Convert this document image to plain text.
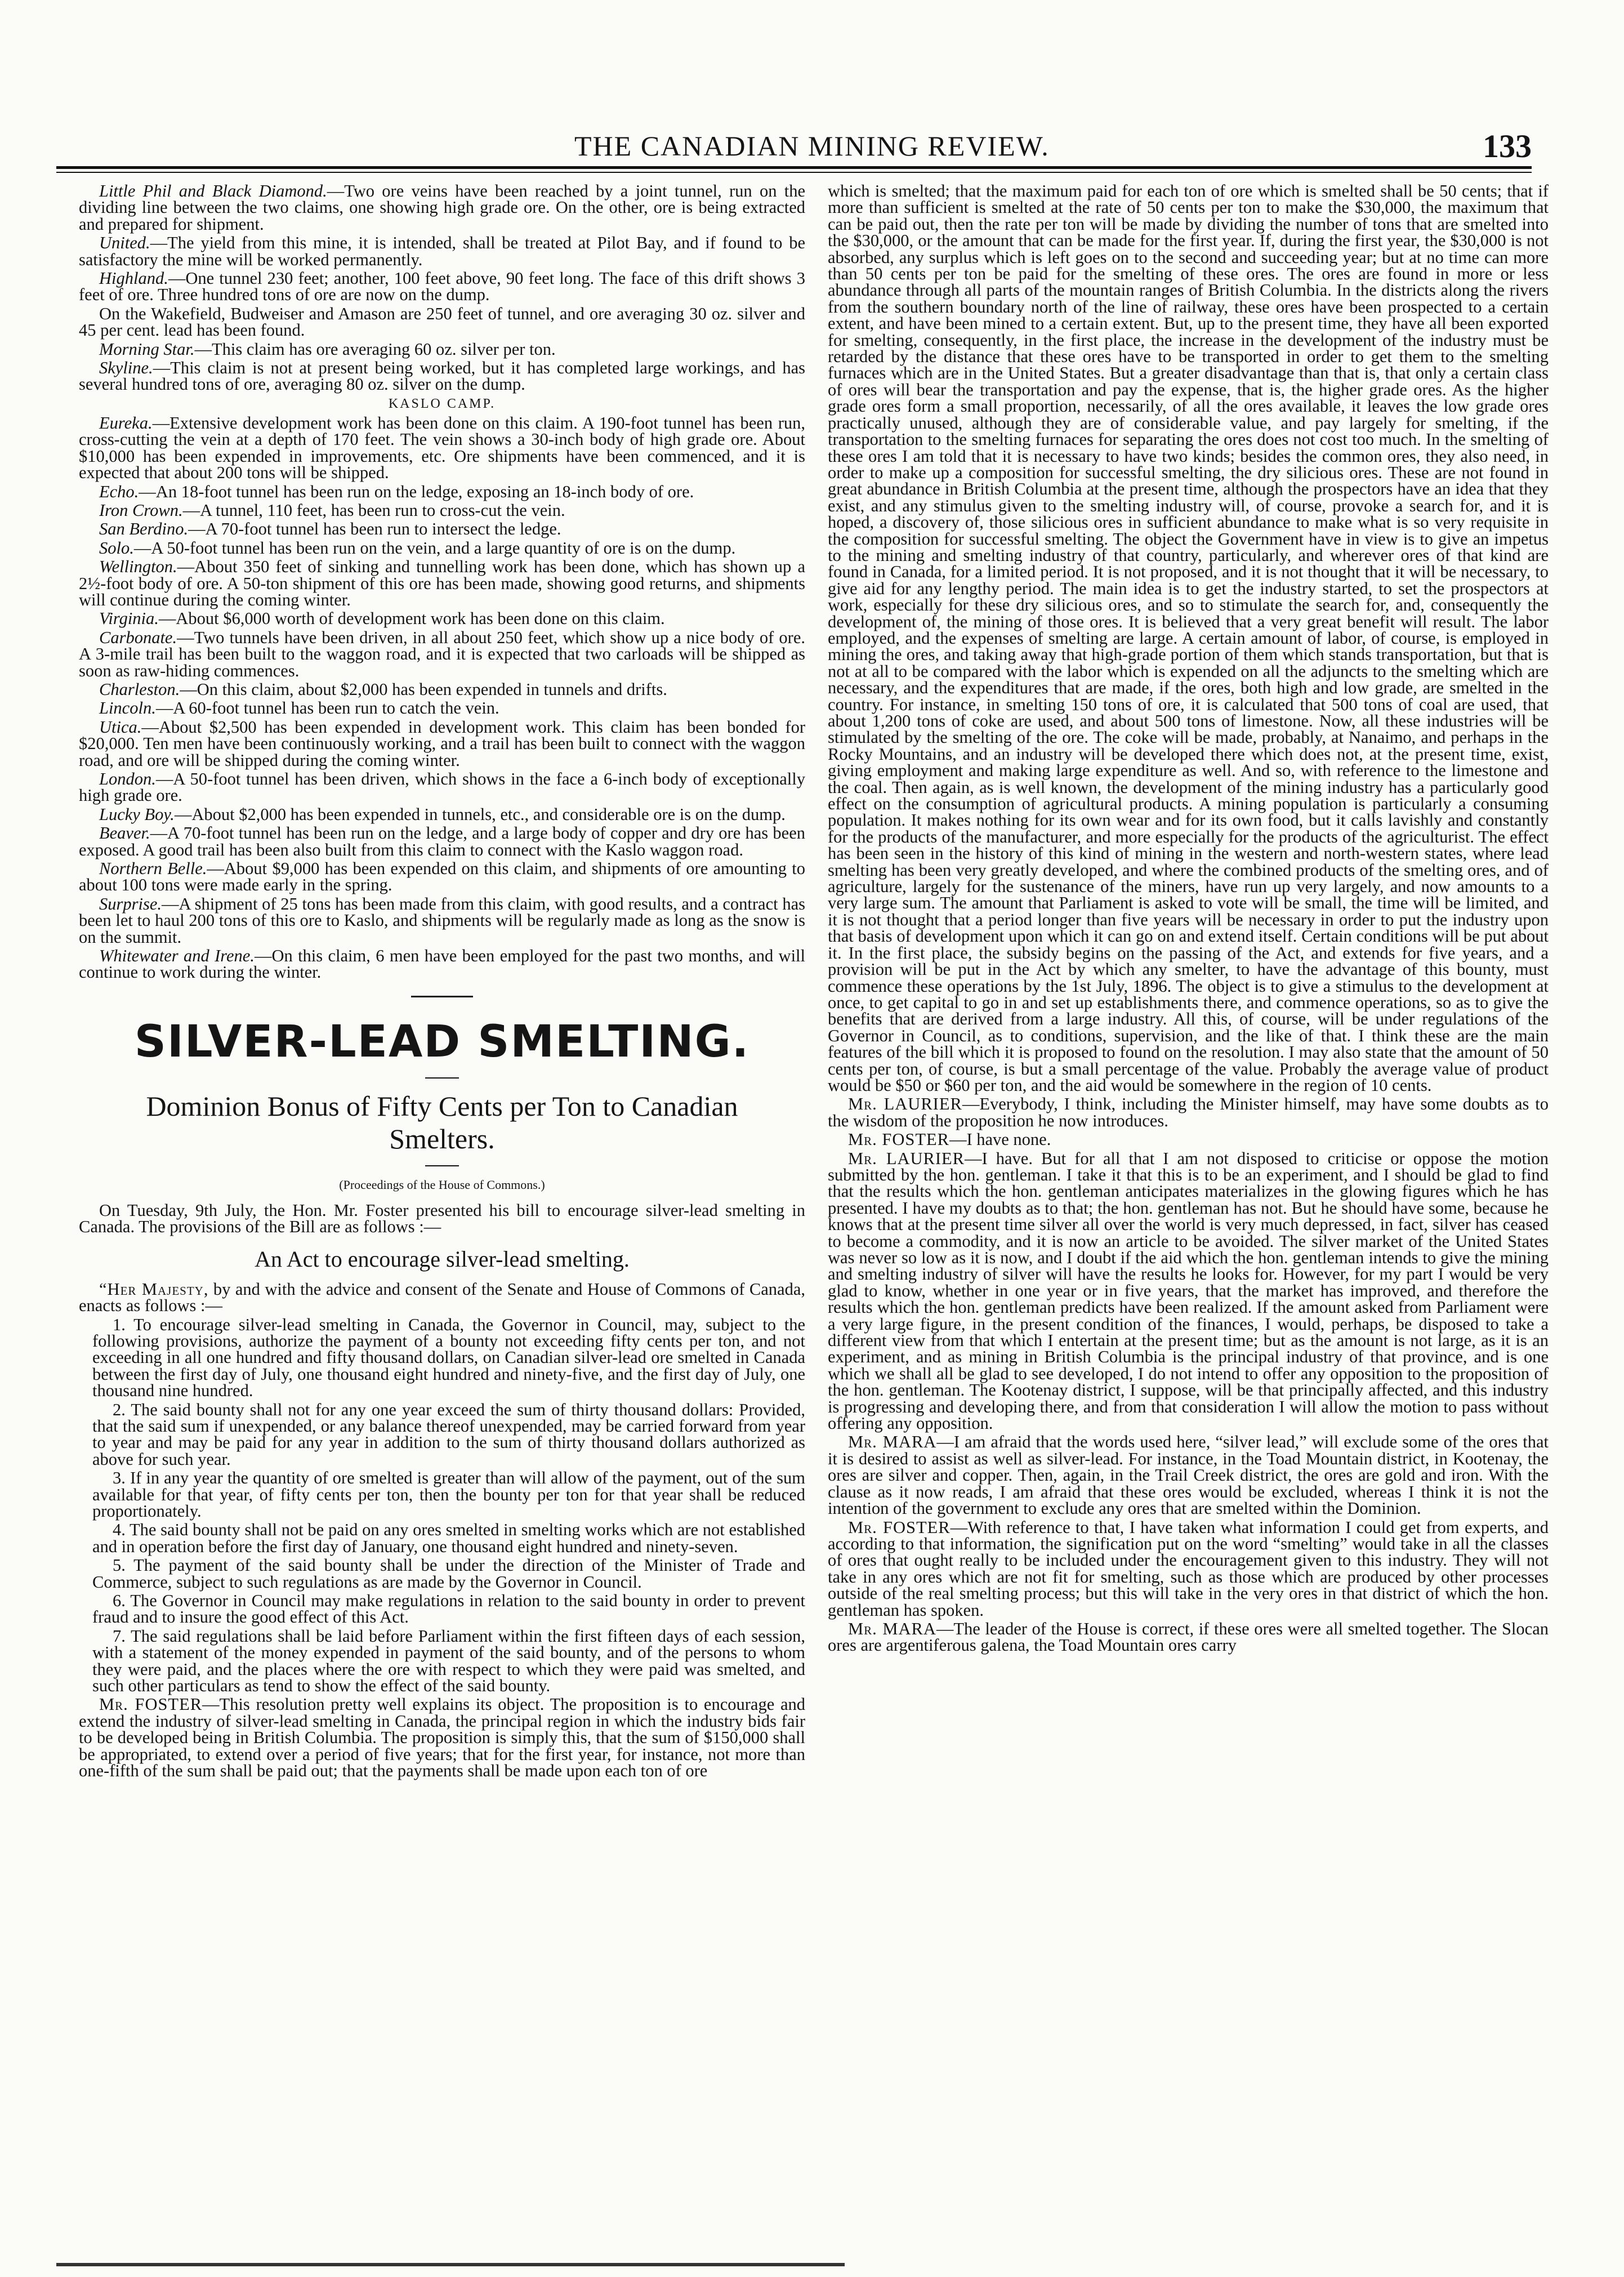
THE CANADIAN MINING REVIEW.	133

Little Phil and Black Diamond.—Two ore veins have been reached by a joint tunnel, run on the dividing line between the two claims, one showing high grade ore. On the other, ore is being extracted and prepared for shipment.

United.—The yield from this mine, it is intended, shall be treated at Pilot Bay, and if found to be satisfactory the mine will be worked permanently.

Highland.—One tunnel 230 feet; another, 100 feet above, 90 feet long. The face of this drift shows 3 feet of ore. Three hundred tons of ore are now on the dump.

On the Wakefield, Budweiser and Amason are 250 feet of tunnel, and ore averaging 30 oz. silver and 45 per cent. lead has been found.

Morning Star.—This claim has ore averaging 60 oz. silver per ton.

Skyline.—This claim is not at present being worked, but it has completed large workings, and has several hundred tons of ore, averaging 80 oz. silver on the dump.

KASLO CAMP.

Eureka.—Extensive development work has been done on this claim. A 190-foot tunnel has been run, cross-cutting the vein at a depth of 170 feet. The vein shows a 30-inch body of high grade ore. About $10,000 has been expended in improvements, etc. Ore shipments have been commenced, and it is expected that about 200 tons will be shipped.

Echo.—An 18-foot tunnel has been run on the ledge, exposing an 18-inch body of ore.

Iron Crown.—A tunnel, 110 feet, has been run to cross-cut the vein.

San Berdino.—A 70-foot tunnel has been run to intersect the ledge.

Solo.—A 50-foot tunnel has been run on the vein, and a large quantity of ore is on the dump.

Wellington.—About 350 feet of sinking and tunnelling work has been done, which has shown up a 2½-foot body of ore. A 50-ton shipment of this ore has been made, showing good returns, and shipments will continue during the coming winter.

Virginia.—About $6,000 worth of development work has been done on this claim.

Carbonate.—Two tunnels have been driven, in all about 250 feet, which show up a nice body of ore. A 3-mile trail has been built to the waggon road, and it is expected that two carloads will be shipped as soon as raw-hiding commences.

Charleston.—On this claim, about $2,000 has been expended in tunnels and drifts.

Lincoln.—A 60-foot tunnel has been run to catch the vein.

Utica.—About $2,500 has been expended in development work. This claim has been bonded for $20,000. Ten men have been continuously working, and a trail has been built to connect with the waggon road, and ore will be shipped during the coming winter.

London.—A 50-foot tunnel has been driven, which shows in the face a 6-inch body of exceptionally high grade ore.

Lucky Boy.—About $2,000 has been expended in tunnels, etc., and considerable ore is on the dump.

Beaver.—A 70-foot tunnel has been run on the ledge, and a large body of copper and dry ore has been exposed. A good trail has been also built from this claim to connect with the Kaslo waggon road.

Northern Belle.—About $9,000 has been expended on this claim, and shipments of ore amounting to about 100 tons were made early in the spring.

Surprise.—A shipment of 25 tons has been made from this claim, with good results, and a contract has been let to haul 200 tons of this ore to Kaslo, and shipments will be regularly made as long as the snow is on the summit.

Whitewater and Irene.—On this claim, 6 men have been employed for the past two months, and will continue to work during the winter.

SILVER-LEAD SMELTING.
Dominion Bonus of Fifty Cents per Ton to Canadian Smelters.
(Proceedings of the House of Commons.)

On Tuesday, 9th July, the Hon. Mr. Foster presented his bill to encourage silver-lead smelting in Canada. The provisions of the Bill are as follows :—

An Act to encourage silver-lead smelting.

“Her Majesty, by and with the advice and consent of the Senate and House of Commons of Canada, enacts as follows :—

1. To encourage silver-lead smelting in Canada, the Governor in Council, may, subject to the following provisions, authorize the payment of a bounty not exceeding fifty cents per ton, and not exceeding in all one hundred and fifty thousand dollars, on Canadian silver-lead ore smelted in Canada between the first day of July, one thousand eight hundred and ninety-five, and the first day of July, one thousand nine hundred.

2. The said bounty shall not for any one year exceed the sum of thirty thousand dollars: Provided, that the said sum if unexpended, or any balance thereof unexpended, may be carried forward from year to year and may be paid for any year in addition to the sum of thirty thousand dollars authorized as above for such year.

3. If in any year the quantity of ore smelted is greater than will allow of the payment, out of the sum available for that year, of fifty cents per ton, then the bounty per ton for that year shall be reduced proportionately.

4. The said bounty shall not be paid on any ores smelted in smelting works which are not established and in operation before the first day of January, one thousand eight hundred and ninety-seven.

5. The payment of the said bounty shall be under the direction of the Minister of Trade and Commerce, subject to such regulations as are made by the Governor in Council.

6. The Governor in Council may make regulations in relation to the said bounty in order to prevent fraud and to insure the good effect of this Act.

7. The said regulations shall be laid before Parliament within the first fifteen days of each session, with a statement of the money expended in payment of the said bounty, and of the persons to whom they were paid, and the places where the ore with respect to which they were paid was smelted, and such other particulars as tend to show the effect of the said bounty.

Mr. FOSTER—This resolution pretty well explains its object. The proposition is to encourage and extend the industry of silver-lead smelting in Canada, the principal region in which the industry bids fair to be developed being in British Columbia. The proposition is simply this, that the sum of $150,000 shall be appropriated, to extend over a period of five years; that for the first year, for instance, not more than one-fifth of the sum shall be paid out; that the payments shall be made upon each ton of ore

which is smelted; that the maximum paid for each ton of ore which is smelted shall be 50 cents; that if more than sufficient is smelted at the rate of 50 cents per ton to make the $30,000, the maximum that can be paid out, then the rate per ton will be made by dividing the number of tons that are smelted into the $30,000, or the amount that can be made for the first year. If, during the first year, the $30,000 is not absorbed, any surplus which is left goes on to the second and succeeding year; but at no time can more than 50 cents per ton be paid for the smelting of these ores. The ores are found in more or less abundance through all parts of the mountain ranges of British Columbia. In the districts along the rivers from the southern boundary north of the line of railway, these ores have been prospected to a certain extent, and have been mined to a certain extent. But, up to the present time, they have all been exported for smelting, consequently, in the first place, the increase in the development of the industry must be retarded by the distance that these ores have to be transported in order to get them to the smelting furnaces which are in the United States. But a greater disadvantage than that is, that only a certain class of ores will bear the transportation and pay the expense, that is, the higher grade ores. As the higher grade ores form a small proportion, necessarily, of all the ores available, it leaves the low grade ores practically unused, although they are of considerable value, and pay largely for smelting, if the transportation to the smelting furnaces for separating the ores does not cost too much. In the smelting of these ores I am told that it is necessary to have two kinds; besides the common ores, they also need, in order to make up a composition for successful smelting, the dry silicious ores. These are not found in great abundance in British Columbia at the present time, although the prospectors have an idea that they exist, and any stimulus given to the smelting industry will, of course, provoke a search for, and it is hoped, a discovery of, those silicious ores in sufficient abundance to make what is so very requisite in the composition for successful smelting. The object the Government have in view is to give an impetus to the mining and smelting industry of that country, particularly, and wherever ores of that kind are found in Canada, for a limited period. It is not proposed, and it is not thought that it will be necessary, to give aid for any lengthy period. The main idea is to get the industry started, to set the prospectors at work, especially for these dry silicious ores, and so to stimulate the search for, and, consequently the development of, the mining of those ores. It is believed that a very great benefit will result. The labor employed, and the expenses of smelting are large. A certain amount of labor, of course, is employed in mining the ores, and taking away that high-grade portion of them which stands transportation, but that is not at all to be compared with the labor which is expended on all the adjuncts to the smelting which are necessary, and the expenditures that are made, if the ores, both high and low grade, are smelted in the country. For instance, in smelting 150 tons of ore, it is calculated that 500 tons of coal are used, that about 1,200 tons of coke are used, and about 500 tons of limestone. Now, all these industries will be stimulated by the smelting of the ore. The coke will be made, probably, at Nanaimo, and perhaps in the Rocky Mountains, and an industry will be developed there which does not, at the present time, exist, giving employment and making large expenditure as well. And so, with reference to the limestone and the coal. Then again, as is well known, the development of the mining industry has a particularly good effect on the consumption of agricultural products. A mining population is particularly a consuming population. It makes nothing for its own wear and for its own food, but it calls lavishly and constantly for the products of the manufacturer, and more especially for the products of the agriculturist. The effect has been seen in the history of this kind of mining in the western and north-western states, where lead smelting has been very greatly developed, and where the combined products of the smelting ores, and of agriculture, largely for the sustenance of the miners, have run up very largely, and now amounts to a very large sum. The amount that Parliament is asked to vote will be small, the time will be limited, and it is not thought that a period longer than five years will be necessary in order to put the industry upon that basis of development upon which it can go on and extend itself. Certain conditions will be put about it. In the first place, the subsidy begins on the passing of the Act, and extends for five years, and a provision will be put in the Act by which any smelter, to have the advantage of this bounty, must commence these operations by the 1st July, 1896. The object is to give a stimulus to the development at once, to get capital to go in and set up establishments there, and commence operations, so as to give the benefits that are derived from a large industry. All this, of course, will be under regulations of the Governor in Council, as to conditions, supervision, and the like of that. I think these are the main features of the bill which it is proposed to found on the resolution. I may also state that the amount of 50 cents per ton, of course, is but a small percentage of the value. Probably the average value of product would be $50 or $60 per ton, and the aid would be somewhere in the region of 10 cents.

Mr. LAURIER—Everybody, I think, including the Minister himself, may have some doubts as to the wisdom of the proposition he now introduces.

Mr. FOSTER—I have none.

Mr. LAURIER—I have. But for all that I am not disposed to criticise or oppose the motion submitted by the hon. gentleman. I take it that this is to be an experiment, and I should be glad to find that the results which the hon. gentleman anticipates materializes in the glowing figures which he has presented. I have my doubts as to that; the hon. gentleman has not. But he should have some, because he knows that at the present time silver all over the world is very much depressed, in fact, silver has ceased to become a commodity, and it is now an article to be avoided. The silver market of the United States was never so low as it is now, and I doubt if the aid which the hon. gentleman intends to give the mining and smelting industry of silver will have the results he looks for. However, for my part I would be very glad to know, whether in one year or in five years, that the market has improved, and therefore the results which the hon. gentleman predicts have been realized. If the amount asked from Parliament were a very large figure, in the present condition of the finances, I would, perhaps, be disposed to take a different view from that which I entertain at the present time; but as the amount is not large, as it is an experiment, and as mining in British Columbia is the principal industry of that province, and is one which we shall all be glad to see developed, I do not intend to offer any opposition to the proposition of the hon. gentleman. The Kootenay district, I suppose, will be that principally affected, and this industry is progressing and developing there, and from that consideration I will allow the motion to pass without offering any opposition.

Mr. MARA—I am afraid that the words used here, “silver lead,” will exclude some of the ores that it is desired to assist as well as silver-lead. For instance, in the Toad Mountain district, in Kootenay, the ores are silver and copper. Then, again, in the Trail Creek district, the ores are gold and iron. With the clause as it now reads, I am afraid that these ores would be excluded, whereas I think it is not the intention of the government to exclude any ores that are smelted within the Dominion.

Mr. FOSTER—With reference to that, I have taken what information I could get from experts, and according to that information, the signification put on the word “smelting” would take in all the classes of ores that ought really to be included under the encouragement given to this industry. They will not take in any ores which are not fit for smelting, such as those which are produced by other processes outside of the real smelting process; but this will take in the very ores in that district of which the hon. gentleman has spoken.

Mr. MARA—The leader of the House is correct, if these ores were all smelted together. The Slocan ores are argentiferous galena, the Toad Mountain ores carry
